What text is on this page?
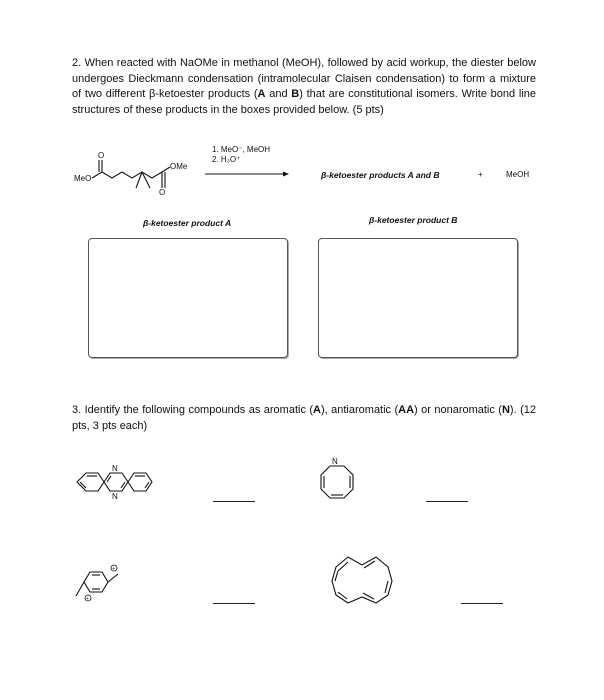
2. When reacted with NaOMe in methanol (MeOH), followed by acid workup, the diester below undergoes Dieckmann condensation (intramolecular Claisen condensation) to form a mixture of two different β-ketoester products (A and B) that are constitutional isomers. Write bond line structures of these products in the boxes provided below. (5 pts)
MeO
OMe
O
O
1. MeO⁻, MeOH
2. H₃O⁺
β-ketoester products A and B	+	MeOH
β-ketoester product A	β-ketoester product B
3. Identify the following compounds as aromatic (A), antiaromatic (AA) or nonaromatic (N). (12 pts, 3 pts each)
N
N
N
+
+
